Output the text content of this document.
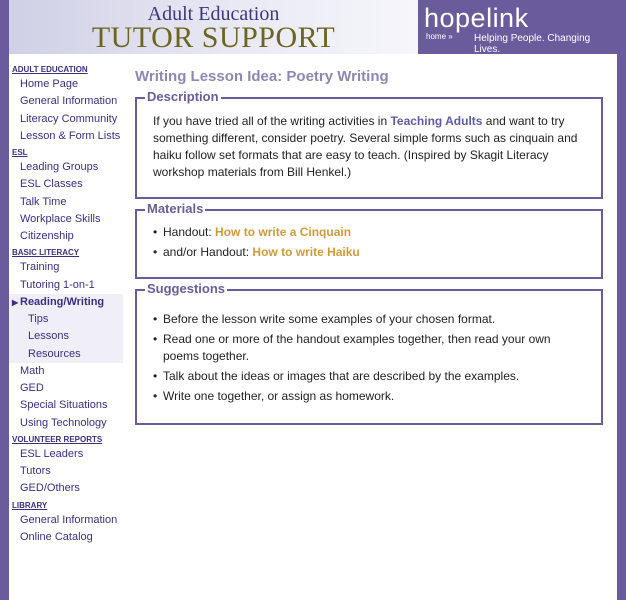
Adult Education
TUTOR SUPPORT
hopelink
home » Helping People. Changing Lives.
ADULT EDUCATION
Home Page
General Information
Literacy Community
Lesson & Form Lists
ESL
Leading Groups
ESL Classes
Talk Time
Workplace Skills
Citizenship
BASIC LITERACY
Training
Tutoring 1-on-1
▶ Reading/Writing
Tips
Lessons
Resources
Math
GED
Special Situations
Using Technology
VOLUNTEER REPORTS
ESL Leaders
Tutors
GED/Others
LIBRARY
General Information
Online Catalog
Writing Lesson Idea: Poetry Writing
Description
If you have tried all of the writing activities in Teaching Adults and want to try something different, consider poetry. Several simple forms such as cinquain and haiku follow set formats that are easy to teach. (Inspired by Skagit Literacy workshop materials from Bill Henkel.)
Materials
• Handout: How to write a Cinquain
• and/or Handout: How to write Haiku
Suggestions
• Before the lesson write some examples of your chosen format.
• Read one or more of the handout examples together, then read your own poems together.
• Talk about the ideas or images that are described by the examples.
• Write one together, or assign as homework.
